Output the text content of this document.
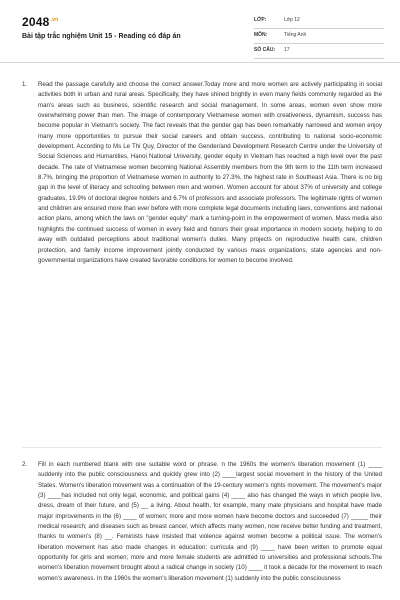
$2048^{.vn}$
Bài tập trắc nghiệm Unit 15 - Reading có đáp án
LỚP:	Lớp 12
MÔN:	Tiếng Anh
SỐ CÂU: 17
1. Read the passage carefully and choose the correct answer.Today more and more women are actively participating in social activities both in urban and rural areas. Specifically, they have shined brightly in even many fields commonly regarded as the man's areas such as business, scientific research and social management. In some areas, women even show more overwhelming power than men. The image of contemporary Vietnamese women with creativeness, dynamism, success has become popular in Vietnam's society. The fact reveals that the gender gap has been remarkably narrowed and women enjoy many more opportunities to pursue their social careers and obtain success, contributing to national socio-economic development. According to Ms Le Thi Quy, Director of the Gender/and Development Research Centre under the University of Social Sciences and Humanities, Hanoi National University, gender equity in Vietnam has reached a high level over the past decade. The rate of Vietnamese women becoming National Assembly members from the 9th term to the 11th term increased 8.7%, bringing the proportion of Vietnamese women in authority to 27.3%, the highest rate in Southeast Asia. There is no big gap in the level of literacy and schooling between men and women. Women account for about 37% of university and college graduates, 19.9% of doctoral degree holders and 6.7% of professors and associate professors. The legitimate rights of women and children are ensured more than ever before with more complete legal documents including laws, conventions and national action plans, among which the laws on "gender equity" mark a turning-point in the empowerment of women. Mass media also highlights the continued success of women in every field and honors their great importance in modern society, helping to do away with outdated perceptions about traditional women's duties. Many projects on reproductive health care, children protection, and family income improvement jointly conducted by various mass organizations, state agencies and non-governmental organizations have created favorable conditions for women to become involved.
2. Fill in each numbered blank with one suitable word or phrase. n the 1960s the women's liberation movement (1) ____ suddenly into the public consciousness and quickly grew into (2) ____largest social movement in the history of the United States. Women's liberation movement was a continuation of the 19-century women's rights movement. The movement's major (3) ____has included not only legal, economic, and political gains (4) ____ also has changed the ways in which people live, dress, dream of their future, and (5) __ a living. About health, for example, many male physicians and hospital have made major improvements in the (6) ____ of women; more and more women have become doctors and succeeded (7) _____ their medical research; and diseases such as breast cancer, which affects many women, now receive better funding and treatment, thanks to women's (8) __. Feminists have insisted that violence against women become a political issue. The women's liberation movement has also made changes in education: curricula and (9) ____ have been written to promote equal opportunity for girls and women; more and more female students are admitted to universities and professional schools.The women's liberation movement brought about a radical change in society (10) ____ it took a decade for the movement to reach women's awareness. In the 1960s the women's liberation movement (1) suddenly into the public consciousness
